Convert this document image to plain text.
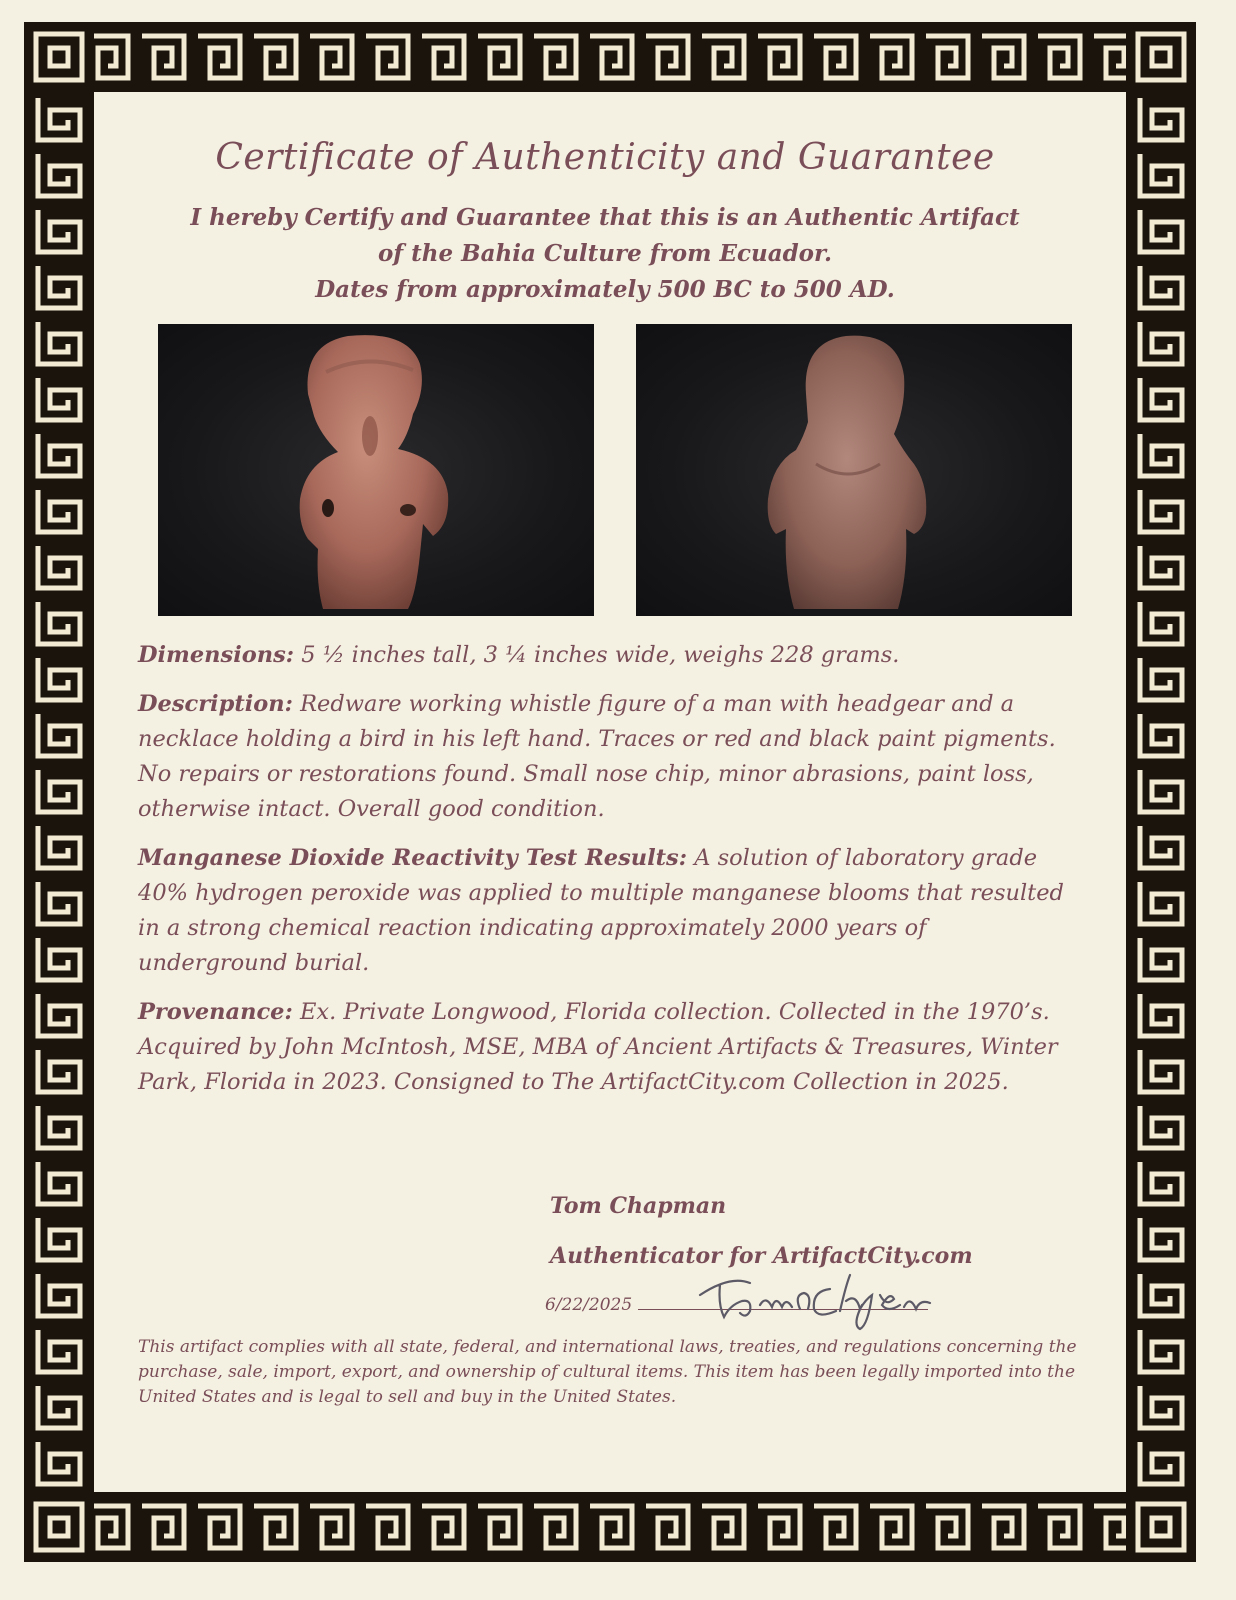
Certificate of Authenticity and Guarantee
I hereby Certify and Guarantee that this is an Authentic Artifact
of the Bahia Culture from Ecuador.
Dates from approximately 500 BC to 500 AD.
Dimensions: 5 ½ inches tall, 3 ¼ inches wide, weighs 228 grams.
Description: Redware working whistle figure of a man with headgear and a necklace holding a bird in his left hand. Traces or red and black paint pigments. No repairs or restorations found. Small nose chip, minor abrasions, paint loss, otherwise intact. Overall good condition.
Manganese Dioxide Reactivity Test Results: A solution of laboratory grade 40% hydrogen peroxide was applied to multiple manganese blooms that resulted in a strong chemical reaction indicating approximately 2000 years of underground burial.
Provenance: Ex. Private Longwood, Florida collection. Collected in the 1970’s. Acquired by John McIntosh, MSE, MBA of Ancient Artifacts & Treasures, Winter Park, Florida in 2023. Consigned to The ArtifactCity.com Collection in 2025.
Tom Chapman
Authenticator for ArtifactCity.com
6/22/2025
This artifact complies with all state, federal, and international laws, treaties, and regulations concerning the purchase, sale, import, export, and ownership of cultural items. This item has been legally imported into the United States and is legal to sell and buy in the United States.
